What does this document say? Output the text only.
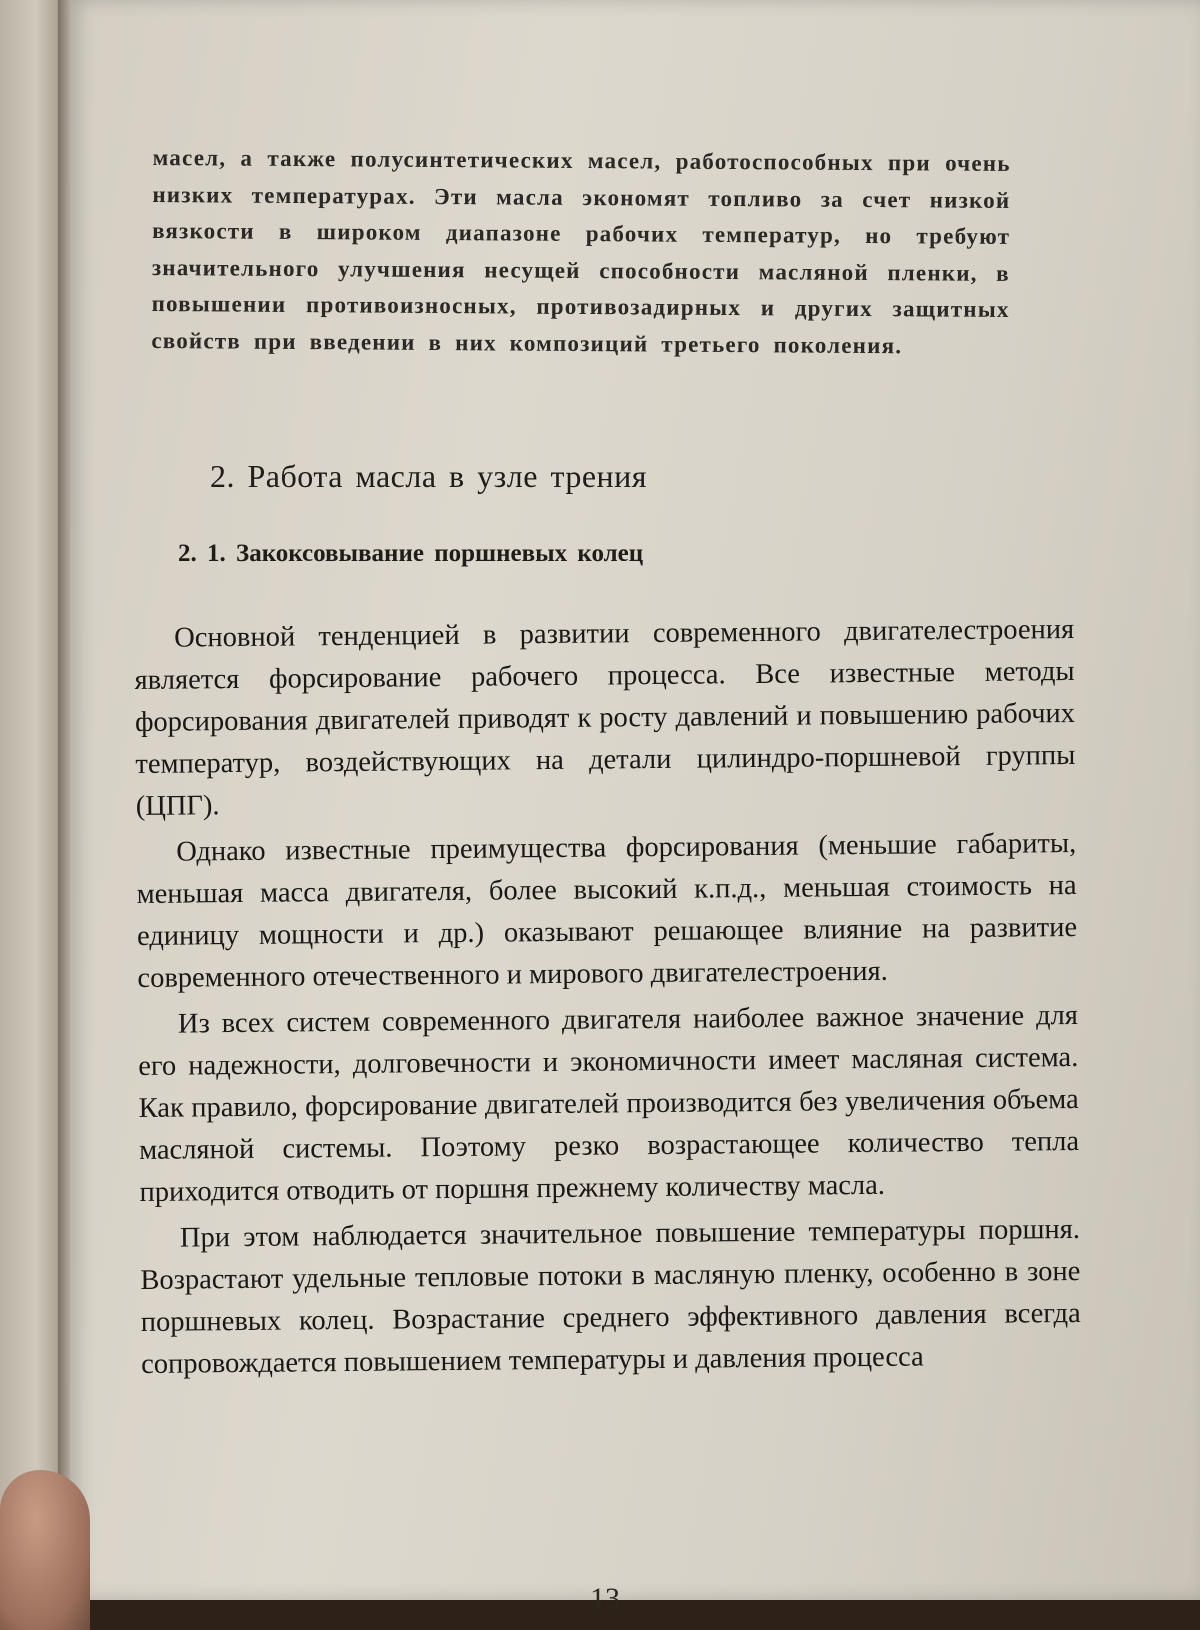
масел, а также полусинтетических масел, работоспособных при очень низких температурах. Эти масла экономят топливо за счет низкой вязкости в широком диапазоне рабочих температур, но требуют значительного улучшения несущей способности масляной пленки, в повышении противоизносных, противозадирных и других защитных свойств при введении в них композиций третьего поколения.

2. Работа масла в узле трения
2. 1. Закоксовывание поршневых колец

Основной тенденцией в развитии современного двигателестроения является форсирование рабочего процесса. Все известные методы форсирования двигателей приводят к росту давлений и повышению рабочих температур, воздействующих на детали цилиндро-поршневой группы (ЦПГ).

Однако известные преимущества форсирования (меньшие габариты, меньшая масса двигателя, более высокий к.п.д., меньшая стоимость на единицу мощности и др.) оказывают решающее влияние на развитие современного отечественного и мирового двигателестроения.

Из всех систем современного двигателя наиболее важное значение для его надежности, долговечности и экономичности имеет масляная система. Как правило, форсирование двигателей производится без увеличения объема масляной системы. Поэтому резко возрастающее количество тепла приходится отводить от поршня прежнему количеству масла.

При этом наблюдается значительное повышение температуры поршня. Возрастают удельные тепловые потоки в масляную пленку, особенно в зоне поршневых колец. Возрастание среднего эффективного давления всегда сопровождается повышением температуры и давления процесса

13
